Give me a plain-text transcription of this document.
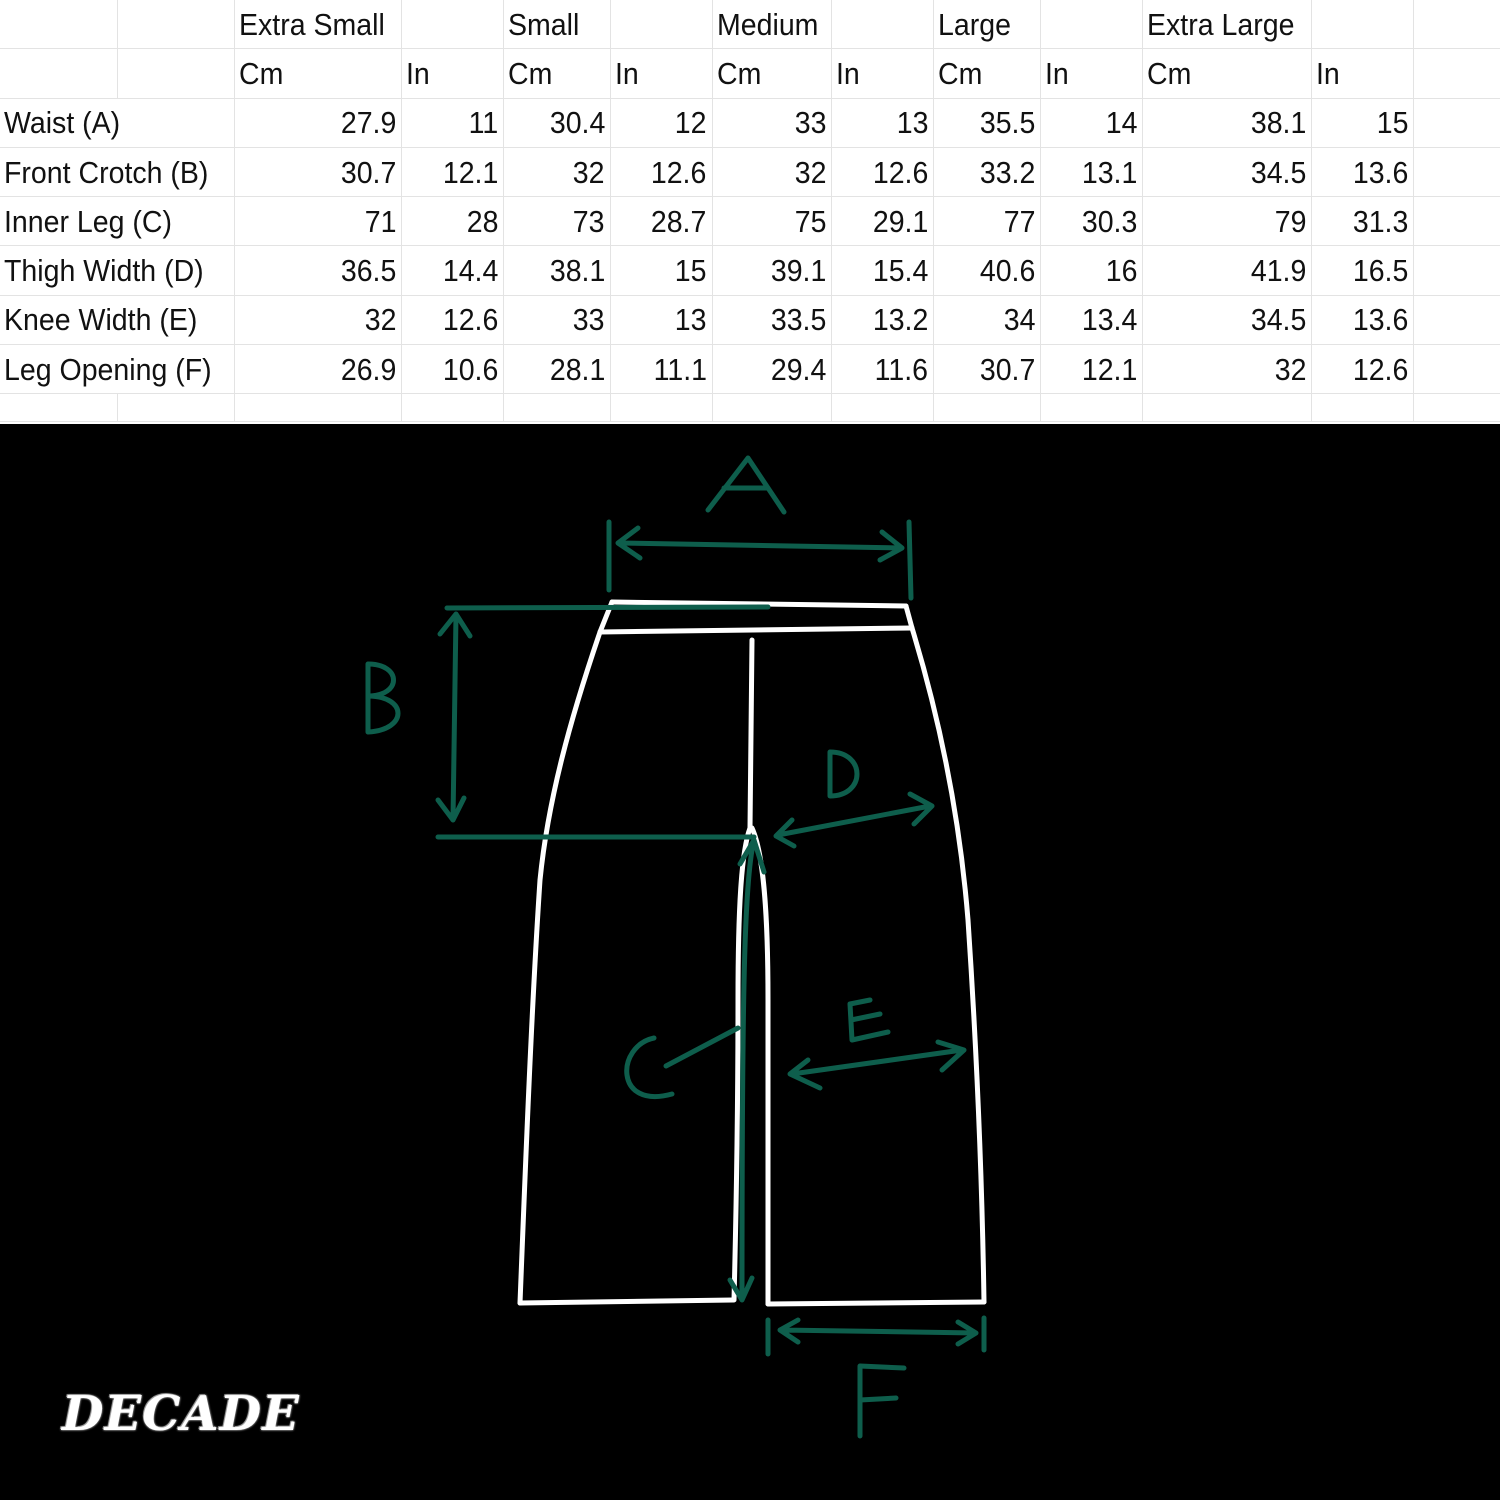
		Extra Small		Small		Medium		Large		Extra Large		
		Cm	In	Cm	In	Cm	In	Cm	In	Cm	In	
Waist (A)		27.9	11	30.4	12	33	13	35.5	14	38.1	15	
Front Crotch (B)		30.7	12.1	32	12.6	32	12.6	33.2	13.1	34.5	13.6	
Inner Leg (C)		71	28	73	28.7	75	29.1	77	30.3	79	31.3	
Thigh Width (D)		36.5	14.4	38.1	15	39.1	15.4	40.6	16	41.9	16.5	
Knee Width (E)		32	12.6	33	13	33.5	13.2	34	13.4	34.5	13.6	
Leg Opening (F)		26.9	10.6	28.1	11.1	29.4	11.6	30.7	12.1	32	12.6	

DECADE
